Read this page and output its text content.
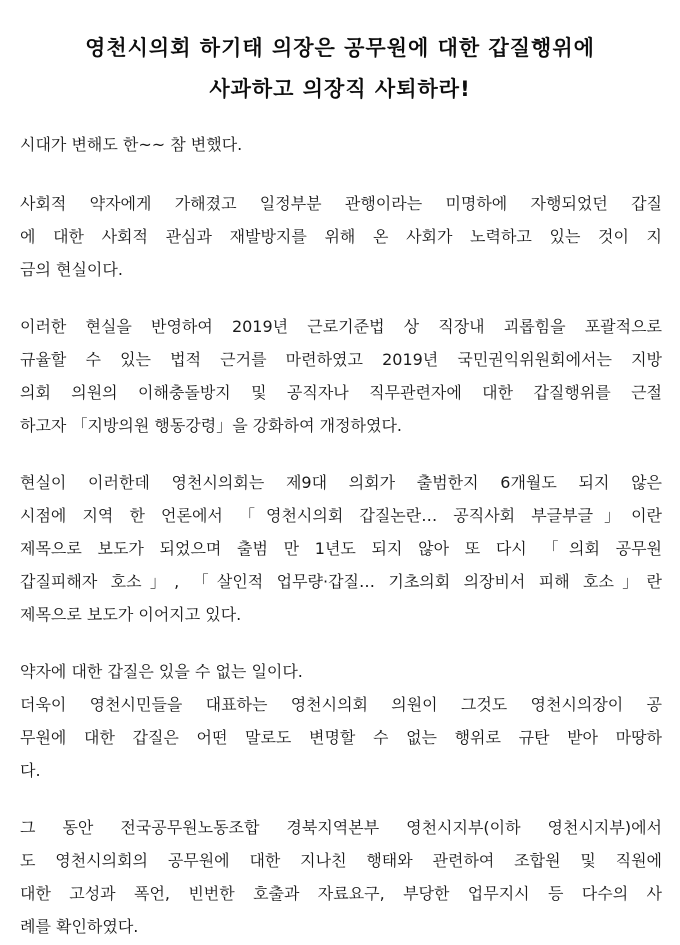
영천시의회 하기태 의장은 공무원에 대한 갑질행위에
사과하고 의장직 사퇴하라!
시대가 변해도 한~~ 참 변했다.
사회적 약자에게 가해졌고 일정부분 관행이라는 미명하에 자행되었던 갑질
에 대한 사회적 관심과 재발방지를 위해 온 사회가 노력하고 있는 것이 지
금의 현실이다.
이러한 현실을 반영하여 2019년 근로기준법 상 직장내 괴롭힘을 포괄적으로
규율할 수 있는 법적 근거를 마련하였고 2019년 국민권익위원회에서는 지방
의회 의원의 이해충돌방지 및 공직자나 직무관련자에 대한 갑질행위를 근절
하고자 「지방의원 행동강령」을 강화하여 개정하였다.
현실이 이러한데 영천시의회는 제9대 의회가 출범한지 6개월도 되지 않은
시점에 지역 한 언론에서 「영천시의회 갑질논란… 공직사회 부글부글」이란
제목으로 보도가 되었으며 출범 만 1년도 되지 않아 또 다시 「의회 공무원
갑질피해자 호소」, 「살인적 업무량·갑질… 기초의회 의장비서 피해 호소」란
제목으로 보도가 이어지고 있다.
약자에 대한 갑질은 있을 수 없는 일이다.
더욱이 영천시민들을 대표하는 영천시의회 의원이 그것도 영천시의장이 공
무원에 대한 갑질은 어떤 말로도 변명할 수 없는 행위로 규탄 받아 마땅하
다.
그 동안 전국공무원노동조합 경북지역본부 영천시지부(이하 영천시지부)에서
도 영천시의회의 공무원에 대한 지나친 행태와 관련하여 조합원 및 직원에
대한 고성과 폭언, 빈번한 호출과 자료요구, 부당한 업무지시 등 다수의 사
례를 확인하였다.
